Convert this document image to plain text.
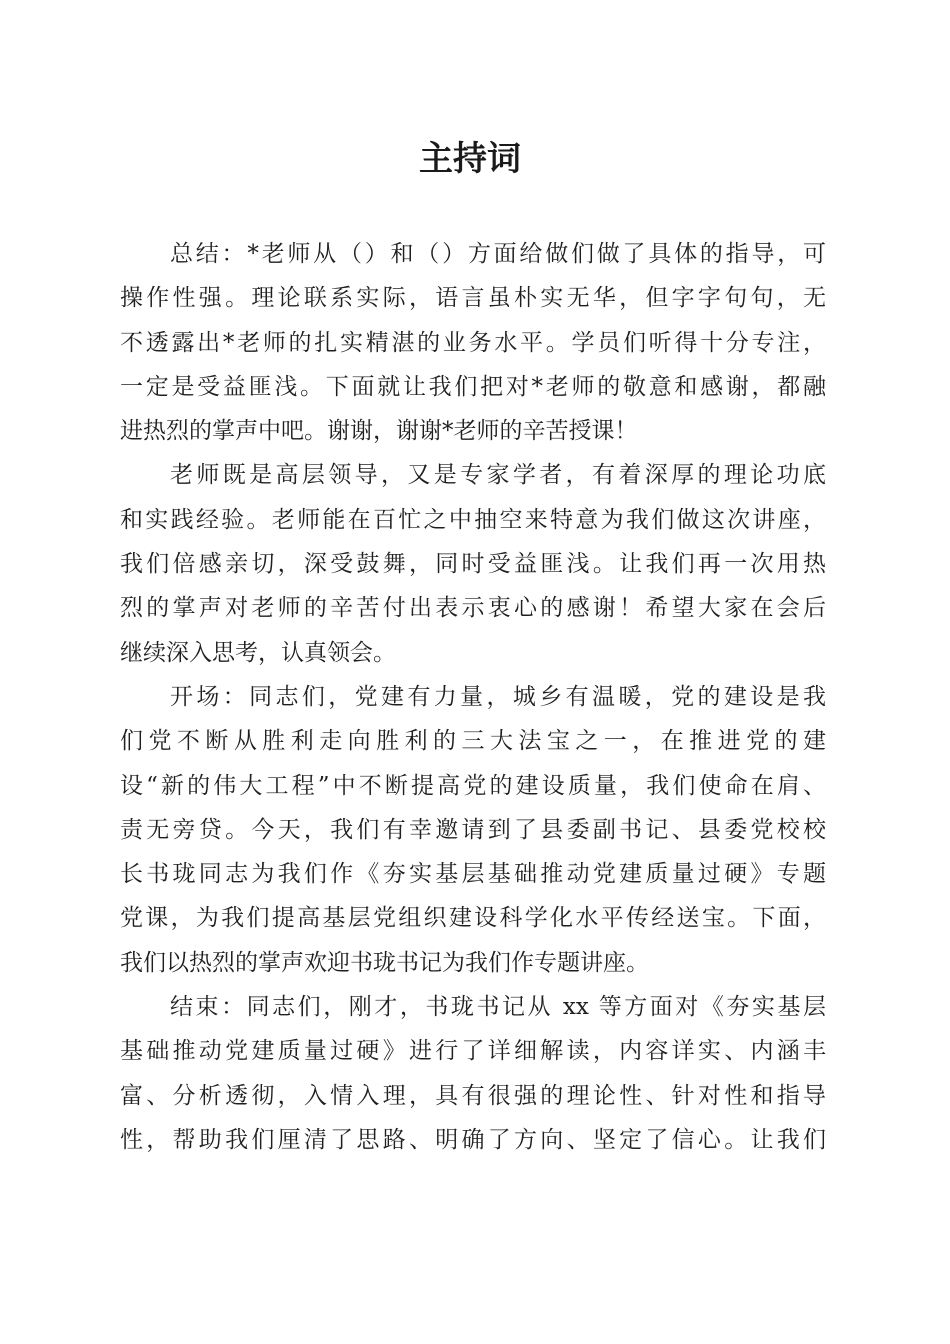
主持词

总结：*老师从（）和（）方面给做们做了具体的指导，可
操作性强。理论联系实际，语言虽朴实无华，但字字句句，无
不透露出*老师的扎实精湛的业务水平。学员们听得十分专注，
一定是受益匪浅。下面就让我们把对*老师的敬意和感谢，都融
进热烈的掌声中吧。谢谢，谢谢*老师的辛苦授课！

老师既是高层领导，又是专家学者，有着深厚的理论功底
和实践经验。老师能在百忙之中抽空来特意为我们做这次讲座，
我们倍感亲切，深受鼓舞，同时受益匪浅。让我们再一次用热
烈的掌声对老师的辛苦付出表示衷心的感谢！希望大家在会后
继续深入思考，认真领会。

开场：同志们，党建有力量，城乡有温暖，党的建设是我
们党不断从胜利走向胜利的三大法宝之一，在推进党的建
设“新的伟大工程”中不断提高党的建设质量，我们使命在肩、
责无旁贷。今天，我们有幸邀请到了县委副书记、县委党校校
长书珑同志为我们作《夯实基层基础推动党建质量过硬》专题
党课，为我们提高基层党组织建设科学化水平传经送宝。下面，
我们以热烈的掌声欢迎书珑书记为我们作专题讲座。

结束：同志们，刚才，书珑书记从 xx 等方面对《夯实基层
基础推动党建质量过硬》进行了详细解读，内容详实、内涵丰
富、分析透彻，入情入理，具有很强的理论性、针对性和指导
性，帮助我们厘清了思路、明确了方向、坚定了信心。让我们
